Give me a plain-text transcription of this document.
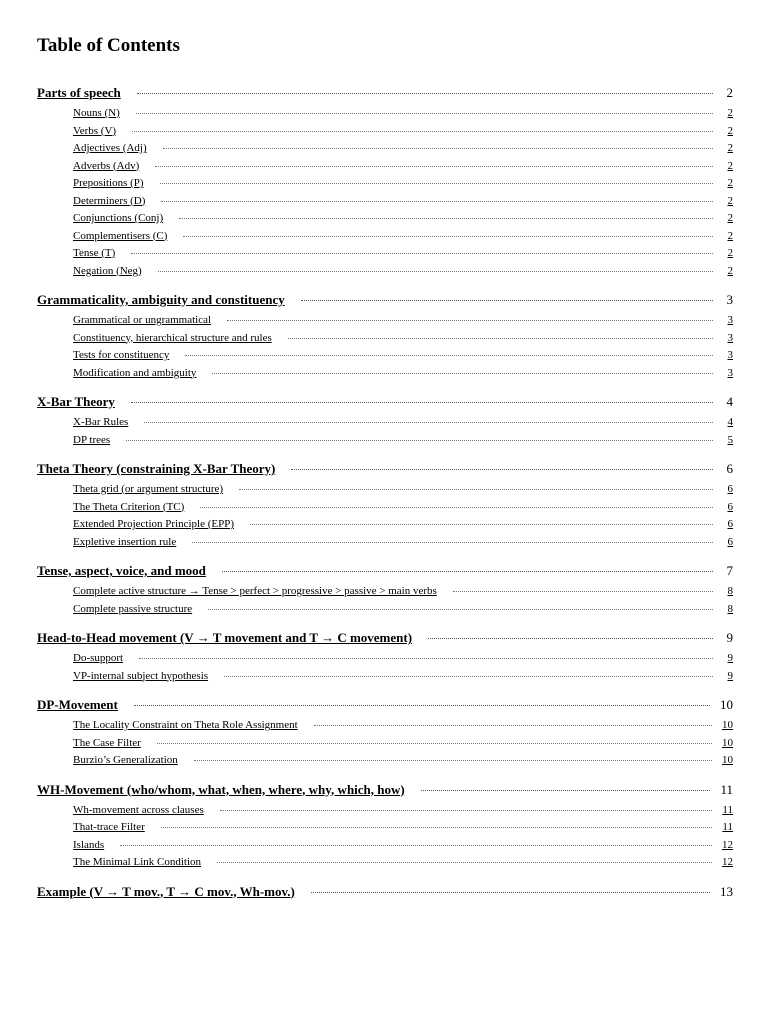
Table of Contents
Parts of speech	2
Nouns (N)	2
Verbs (V)	2
Adjectives (Adj)	2
Adverbs (Adv)	2
Prepositions (P)	2
Determiners (D)	2
Conjunctions (Conj)	2
Complementisers (C)	2
Tense (T)	2
Negation (Neg)	2
Grammaticality, ambiguity and constituency	3
Grammatical or ungrammatical	3
Constituency, hierarchical structure and rules	3
Tests for constituency	3
Modification and ambiguity	3
X-Bar Theory	4
X-Bar Rules	4
DP trees	5
Theta Theory (constraining X-Bar Theory)	6
Theta grid (or argument structure)	6
The Theta Criterion (TC)	6
Extended Projection Principle (EPP)	6
Expletive insertion rule	6
Tense, aspect, voice, and mood	7
Complete active structure → Tense > perfect > progressive > passive > main verbs	8
Complete passive structure	8
Head-to-Head movement (V → T movement and T → C movement)	9
Do-support	9
VP-internal subject hypothesis	9
DP-Movement	10
The Locality Constraint on Theta Role Assignment	10
The Case Filter	10
Burzio’s Generalization	10
WH-Movement (who/whom, what, when, where, why, which, how)	11
Wh-movement across clauses	11
That-trace Filter	11
Islands	12
The Minimal Link Condition	12
Example (V → T mov., T → C mov., Wh-mov.)	13
